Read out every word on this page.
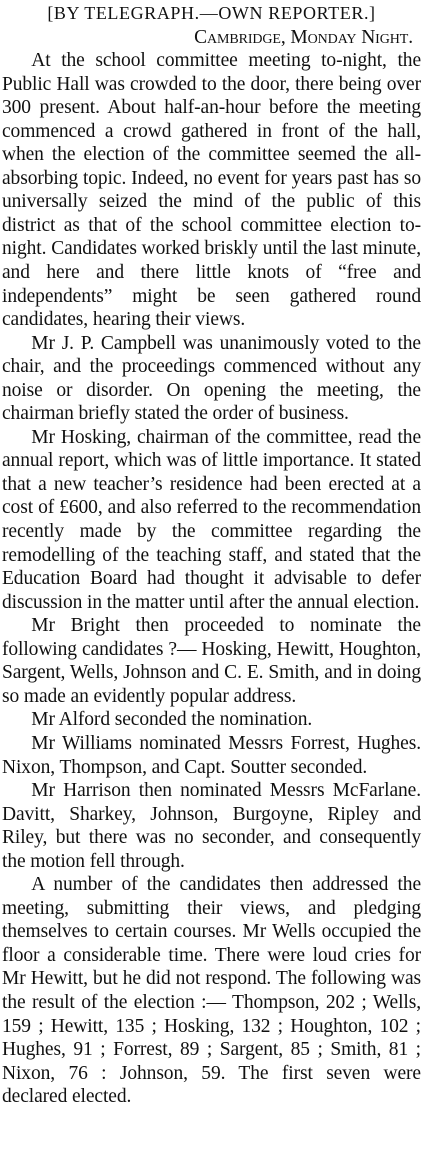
[BY TELEGRAPH.—OWN REPORTER.]

Cambridge, Monday Night.

At the school committee meeting to-night, the Public Hall was crowded to the door, there being over 300 present. About half-an-hour before the meeting commenced a crowd gathered in front of the hall, when the election of the committee seemed the all-absorbing topic. Indeed, no event for years past has so universally seized the mind of the public of this district as that of the school committee election to-night. Candidates worked briskly until the last minute, and here and there little knots of “free and independents” might be seen gathered round candidates, hearing their views.

Mr J. P. Campbell was unanimously voted to the chair, and the proceedings commenced without any noise or disorder. On opening the meeting, the chairman briefly stated the order of business.

Mr Hosking, chairman of the committee, read the annual report, which was of little importance. It stated that a new teacher’s residence had been erected at a cost of £600, and also referred to the recommendation recently made by the committee regarding the remodelling of the teaching staff, and stated that the Education Board had thought it advisable to defer discussion in the matter until after the annual election.

Mr Bright then proceeded to nominate the following candidates ?— Hosking, Hewitt, Houghton, Sargent, Wells, Johnson and C. E. Smith, and in doing so made an evidently popular address.

Mr Alford seconded the nomination.

Mr Williams nominated Messrs Forrest, Hughes. Nixon, Thompson, and Capt. Soutter seconded.

Mr Harrison then nominated Messrs McFarlane. Davitt, Sharkey, Johnson, Burgoyne, Ripley and Riley, but there was no seconder, and consequently the motion fell through.

A number of the candidates then addressed the meeting, submitting their views, and pledging themselves to certain courses. Mr Wells occupied the floor a considerable time. There were loud cries for Mr Hewitt, but he did not respond. The following was the result of the election :— Thompson, 202 ; Wells, 159 ; Hewitt, 135 ; Hosking, 132 ; Houghton, 102 ; Hughes, 91 ; Forrest, 89 ; Sargent, 85 ; Smith, 81 ; Nixon, 76 : Johnson, 59. The first seven were declared elected.
